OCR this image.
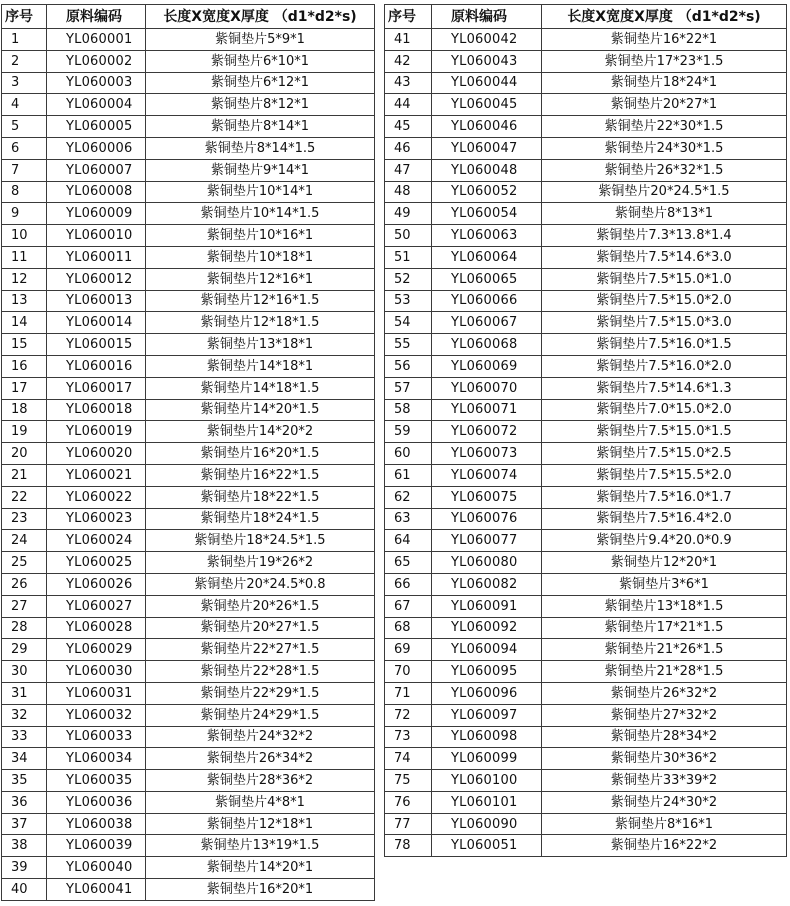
序号	原料编码	长度X宽度X厚度 （d1*d2*s)
1	YL060001	紫铜垫片5*9*1
2	YL060002	紫铜垫片6*10*1
3	YL060003	紫铜垫片6*12*1
4	YL060004	紫铜垫片8*12*1
5	YL060005	紫铜垫片8*14*1
6	YL060006	紫铜垫片8*14*1.5
7	YL060007	紫铜垫片9*14*1
8	YL060008	紫铜垫片10*14*1
9	YL060009	紫铜垫片10*14*1.5
10	YL060010	紫铜垫片10*16*1
11	YL060011	紫铜垫片10*18*1
12	YL060012	紫铜垫片12*16*1
13	YL060013	紫铜垫片12*16*1.5
14	YL060014	紫铜垫片12*18*1.5
15	YL060015	紫铜垫片13*18*1
16	YL060016	紫铜垫片14*18*1
17	YL060017	紫铜垫片14*18*1.5
18	YL060018	紫铜垫片14*20*1.5
19	YL060019	紫铜垫片14*20*2
20	YL060020	紫铜垫片16*20*1.5
21	YL060021	紫铜垫片16*22*1.5
22	YL060022	紫铜垫片18*22*1.5
23	YL060023	紫铜垫片18*24*1.5
24	YL060024	紫铜垫片18*24.5*1.5
25	YL060025	紫铜垫片19*26*2
26	YL060026	紫铜垫片20*24.5*0.8
27	YL060027	紫铜垫片20*26*1.5
28	YL060028	紫铜垫片20*27*1.5
29	YL060029	紫铜垫片22*27*1.5
30	YL060030	紫铜垫片22*28*1.5
31	YL060031	紫铜垫片22*29*1.5
32	YL060032	紫铜垫片24*29*1.5
33	YL060033	紫铜垫片24*32*2
34	YL060034	紫铜垫片26*34*2
35	YL060035	紫铜垫片28*36*2
36	YL060036	紫铜垫片4*8*1
37	YL060038	紫铜垫片12*18*1
38	YL060039	紫铜垫片13*19*1.5
39	YL060040	紫铜垫片14*20*1
40	YL060041	紫铜垫片16*20*1
序号	原料编码	长度X宽度X厚度 （d1*d2*s)
41	YL060042	紫铜垫片16*22*1
42	YL060043	紫铜垫片17*23*1.5
43	YL060044	紫铜垫片18*24*1
44	YL060045	紫铜垫片20*27*1
45	YL060046	紫铜垫片22*30*1.5
46	YL060047	紫铜垫片24*30*1.5
47	YL060048	紫铜垫片26*32*1.5
48	YL060052	紫铜垫片20*24.5*1.5
49	YL060054	紫铜垫片8*13*1
50	YL060063	紫铜垫片7.3*13.8*1.4
51	YL060064	紫铜垫片7.5*14.6*3.0
52	YL060065	紫铜垫片7.5*15.0*1.0
53	YL060066	紫铜垫片7.5*15.0*2.0
54	YL060067	紫铜垫片7.5*15.0*3.0
55	YL060068	紫铜垫片7.5*16.0*1.5
56	YL060069	紫铜垫片7.5*16.0*2.0
57	YL060070	紫铜垫片7.5*14.6*1.3
58	YL060071	紫铜垫片7.0*15.0*2.0
59	YL060072	紫铜垫片7.5*15.0*1.5
60	YL060073	紫铜垫片7.5*15.0*2.5
61	YL060074	紫铜垫片7.5*15.5*2.0
62	YL060075	紫铜垫片7.5*16.0*1.7
63	YL060076	紫铜垫片7.5*16.4*2.0
64	YL060077	紫铜垫片9.4*20.0*0.9
65	YL060080	紫铜垫片12*20*1
66	YL060082	紫铜垫片3*6*1
67	YL060091	紫铜垫片13*18*1.5
68	YL060092	紫铜垫片17*21*1.5
69	YL060094	紫铜垫片21*26*1.5
70	YL060095	紫铜垫片21*28*1.5
71	YL060096	紫铜垫片26*32*2
72	YL060097	紫铜垫片27*32*2
73	YL060098	紫铜垫片28*34*2
74	YL060099	紫铜垫片30*36*2
75	YL060100	紫铜垫片33*39*2
76	YL060101	紫铜垫片24*30*2
77	YL060090	紫铜垫片8*16*1
78	YL060051	紫铜垫片16*22*2
